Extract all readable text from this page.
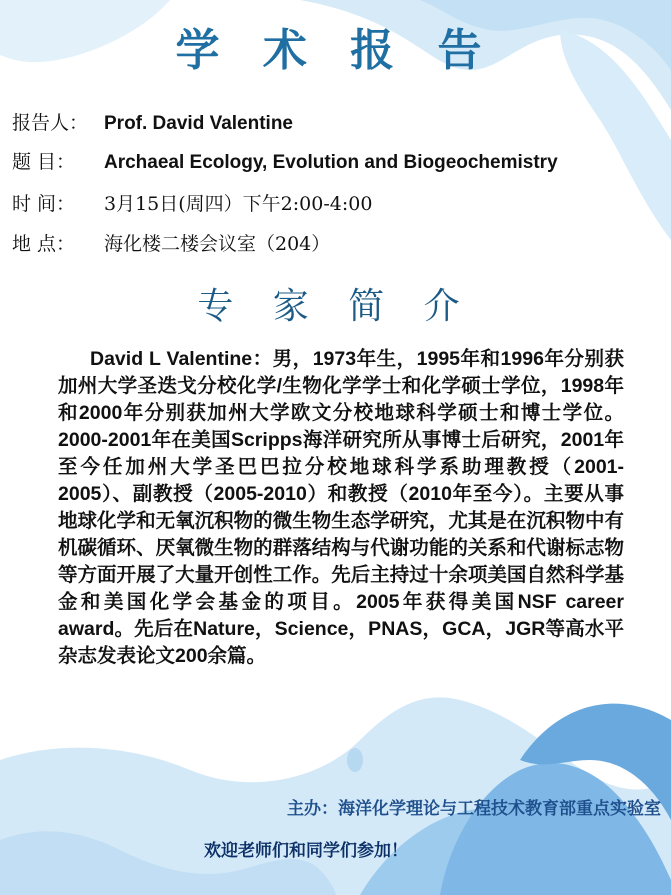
学 术 报 告
报告人： Prof. David Valentine
题 目： Archaeal Ecology, Evolution and Biogeochemistry
时 间： 3月15日(周四）下午2:00-4:00
地 点： 海化楼二楼会议室（204）
专 家 简 介
David L Valentine：男，1973年生，1995年和1996年分别获加州大学圣迭戈分校化学/生物化学学士和化学硕士学位，1998年和2000年分别获加州大学欧文分校地球科学硕士和博士学位。2000-2001年在美国Scripps海洋研究所从事博士后研究，2001年至今任加州大学圣巴巴拉分校地球科学系助理教授（2001-2005）、副教授（2005-2010）和教授（2010年至今）。主要从事地球化学和无氧沉积物的微生物生态学研究，尤其是在沉积物中有机碳循环、厌氧微生物的群落结构与代谢功能的关系和代谢标志物等方面开展了大量开创性工作。先后主持过十余项美国自然科学基金和美国化学会基金的项目。2005年获得美国NSF career award。先后在Nature，Science，PNAS，GCA，JGR等高水平杂志发表论文200余篇。
主办：海洋化学理论与工程技术教育部重点实验室
欢迎老师们和同学们参加！
